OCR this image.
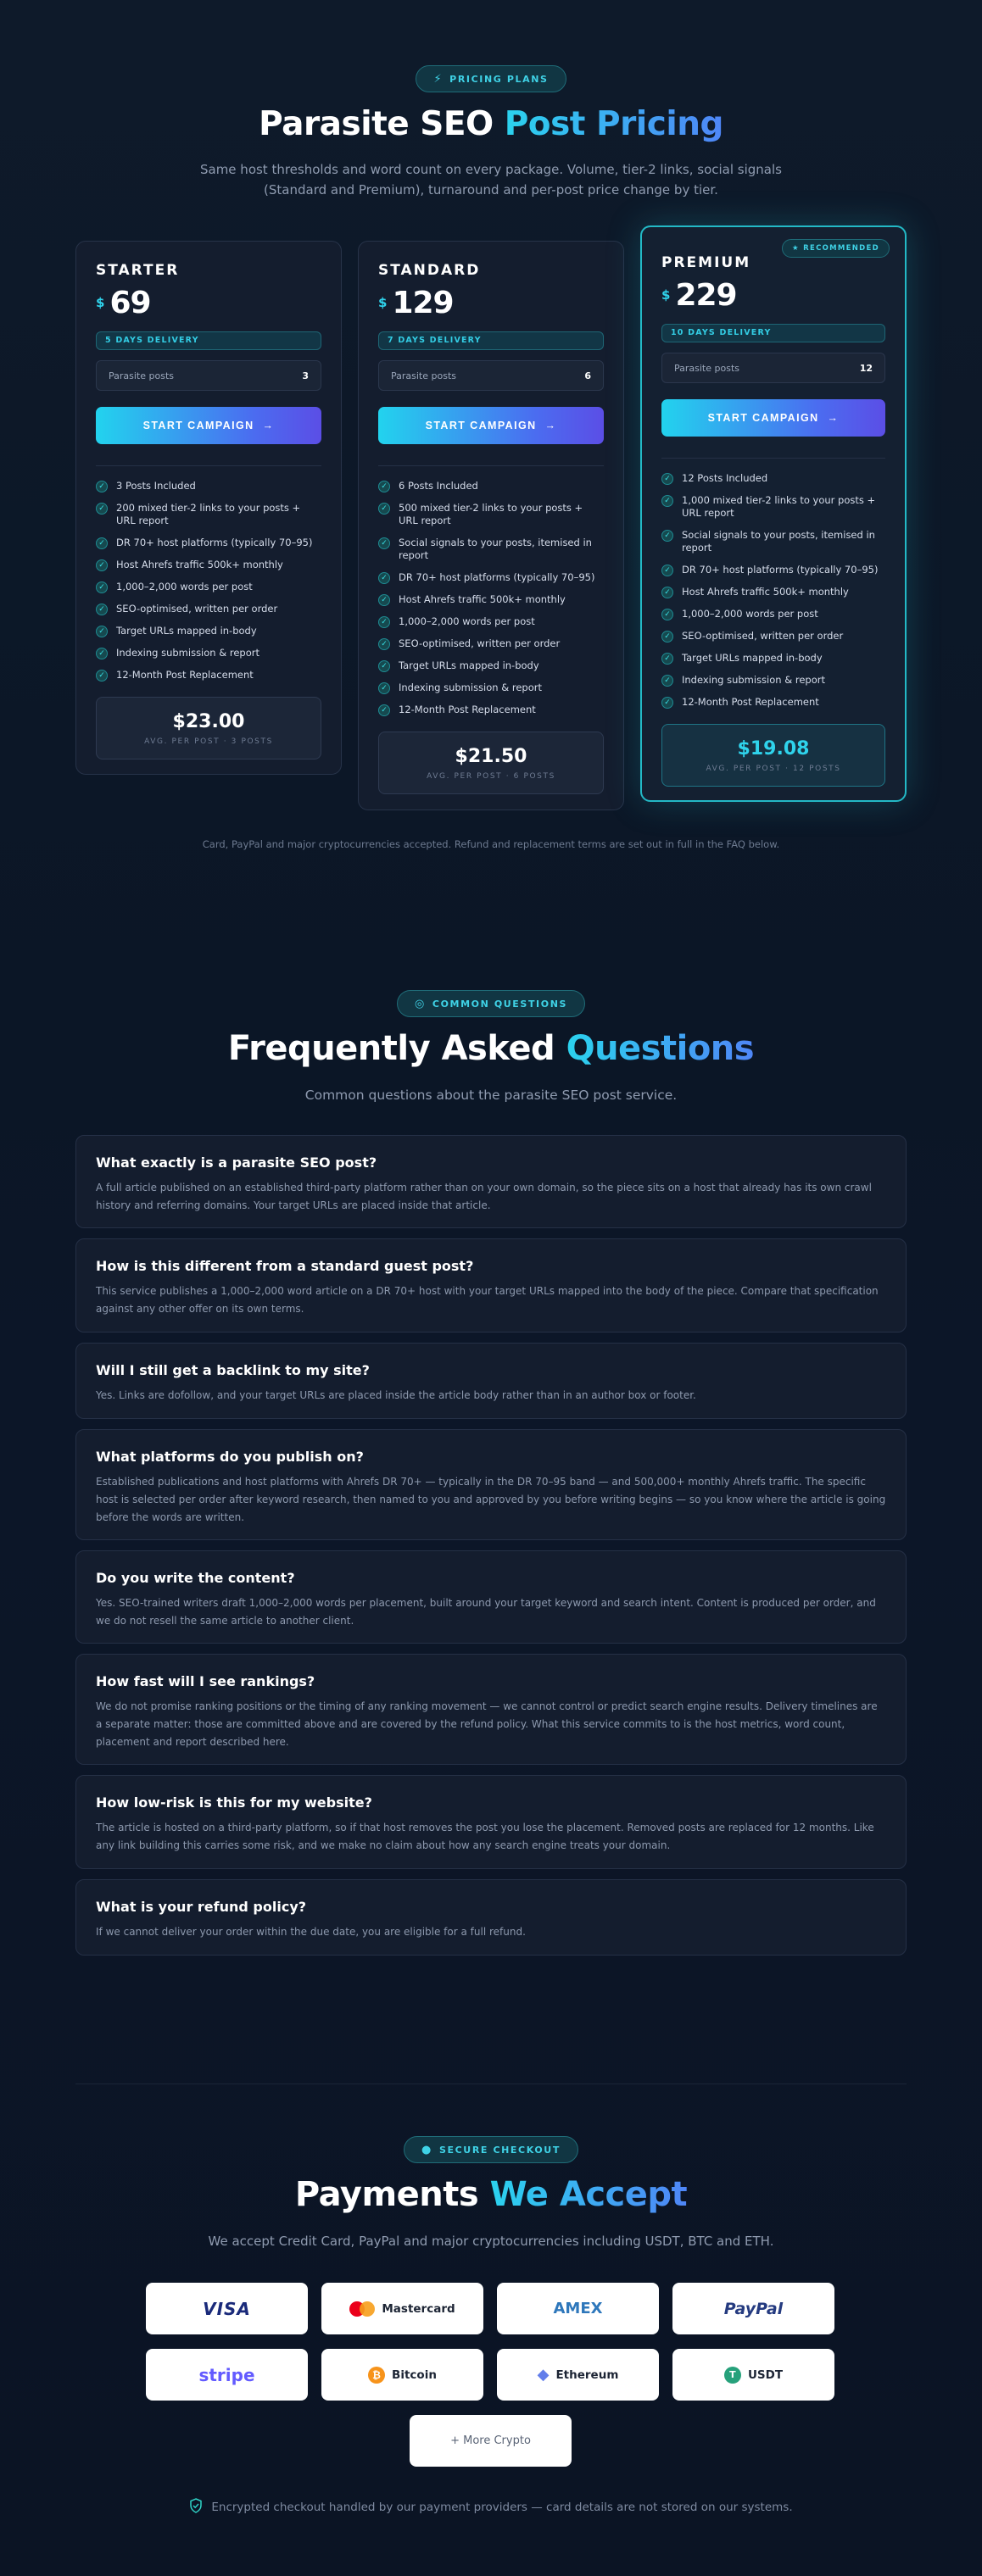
⚡ PRICING PLANS
Parasite SEO Post Pricing
Same host thresholds and word count on every package. Volume, tier-2 links, social signals
(Standard and Premium), turnaround and per-post price change by tier.
STARTER
$ 69
5 DAYS DELIVERY
Parasite posts	3
START CAMPAIGN →
✓ 3 Posts Included
✓ 200 mixed tier-2 links to your posts + URL report
✓ DR 70+ host platforms (typically 70–95)
✓ Host Ahrefs traffic 500k+ monthly
✓ 1,000–2,000 words per post
✓ SEO-optimised, written per order
✓ Target URLs mapped in-body
✓ Indexing submission & report
✓ 12-Month Post Replacement
$23.00
AVG. PER POST · 3 POSTS
STANDARD
$ 129
7 DAYS DELIVERY
Parasite posts	6
START CAMPAIGN →
✓ 6 Posts Included
✓ 500 mixed tier-2 links to your posts + URL report
✓ Social signals to your posts, itemised in report
✓ DR 70+ host platforms (typically 70–95)
✓ Host Ahrefs traffic 500k+ monthly
✓ 1,000–2,000 words per post
✓ SEO-optimised, written per order
✓ Target URLs mapped in-body
✓ Indexing submission & report
✓ 12-Month Post Replacement
$21.50
AVG. PER POST · 6 POSTS
★ RECOMMENDED
PREMIUM
$ 229
10 DAYS DELIVERY
Parasite posts	12
START CAMPAIGN →
✓ 12 Posts Included
✓ 1,000 mixed tier-2 links to your posts + URL report
✓ Social signals to your posts, itemised in report
✓ DR 70+ host platforms (typically 70–95)
✓ Host Ahrefs traffic 500k+ monthly
✓ 1,000–2,000 words per post
✓ SEO-optimised, written per order
✓ Target URLs mapped in-body
✓ Indexing submission & report
✓ 12-Month Post Replacement
$19.08
AVG. PER POST · 12 POSTS
Card, PayPal and major cryptocurrencies accepted. Refund and replacement terms are set out in full in the FAQ below.
◎ COMMON QUESTIONS
Frequently Asked Questions
Common questions about the parasite SEO post service.
What exactly is a parasite SEO post?
A full article published on an established third-party platform rather than on your own domain, so the piece sits on a host that already has its own crawl history and referring domains. Your target URLs are placed inside that article.
How is this different from a standard guest post?
This service publishes a 1,000–2,000 word article on a DR 70+ host with your target URLs mapped into the body of the piece. Compare that specification against any other offer on its own terms.
Will I still get a backlink to my site?
Yes. Links are dofollow, and your target URLs are placed inside the article body rather than in an author box or footer.
What platforms do you publish on?
Established publications and host platforms with Ahrefs DR 70+ — typically in the DR 70–95 band — and 500,000+ monthly Ahrefs traffic. The specific host is selected per order after keyword research, then named to you and approved by you before writing begins — so you know where the article is going before the words are written.
Do you write the content?
Yes. SEO-trained writers draft 1,000–2,000 words per placement, built around your target keyword and search intent. Content is produced per order, and we do not resell the same article to another client.
How fast will I see rankings?
We do not promise ranking positions or the timing of any ranking movement — we cannot control or predict search engine results. Delivery timelines are a separate matter: those are committed above and are covered by the refund policy. What this service commits to is the host metrics, word count, placement and report described here.
How low-risk is this for my website?
The article is hosted on a third-party platform, so if that host removes the post you lose the placement. Removed posts are replaced for 12 months. Like any link building this carries some risk, and we make no claim about how any search engine treats your domain.
What is your refund policy?
If we cannot deliver your order within the due date, you are eligible for a full refund.
● SECURE CHECKOUT
Payments We Accept
We accept Credit Card, PayPal and major cryptocurrencies including USDT, BTC and ETH.
VISA	Mastercard	AMEX	PayPal
stripe	₿ Bitcoin	◆ Ethereum	T	USDT
+ More Crypto
Encrypted checkout handled by our payment providers — card details are not stored on our systems.
